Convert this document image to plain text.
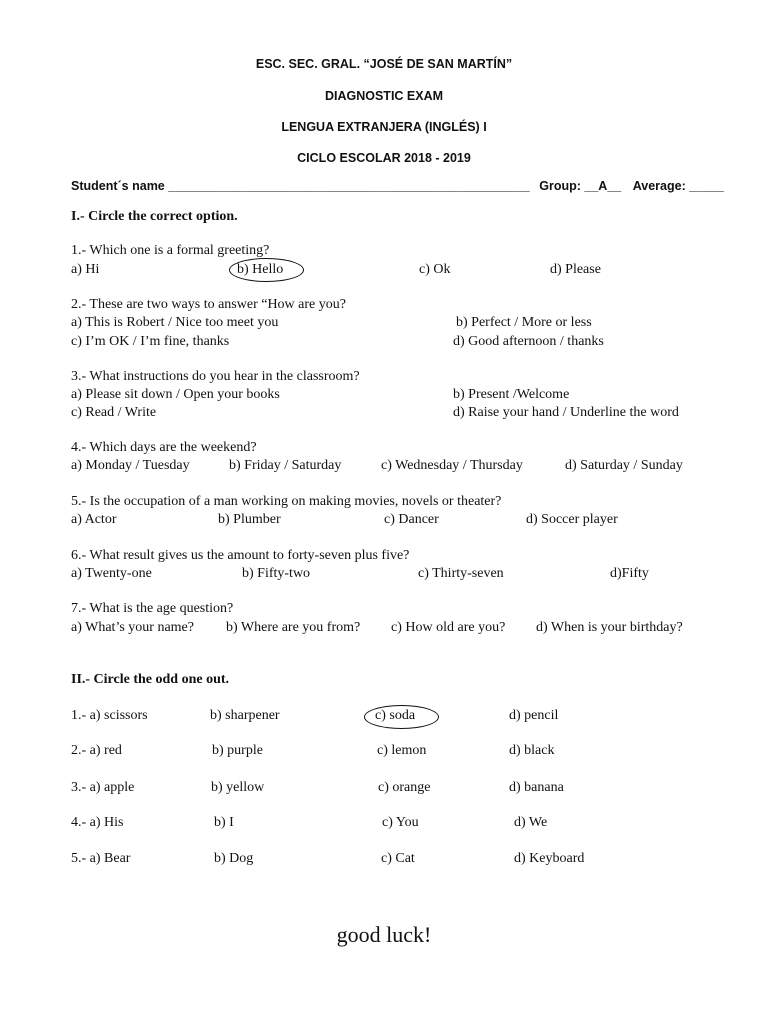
ESC. SEC. GRAL. “JOSÉ DE SAN MARTÍN”
DIAGNOSTIC EXAM
LENGUA EXTRANJERA (INGLÉS) I
CICLO ESCOLAR 2018 - 2019
Student´s name ____________________________________________________ Group: __A__ Average: _____
I.- Circle the correct option.
1.- Which one is a formal greeting?
a) Hi	b) Hello	c) Ok	d) Please
2.- These are two ways to answer “How are you?
a) This is Robert / Nice too meet you	b) Perfect / More or less
c) I’m OK / I’m fine, thanks	d) Good afternoon / thanks
3.- What instructions do you hear in the classroom?
a) Please sit down / Open your books	b) Present /Welcome
c) Read / Write	d) Raise your hand / Underline the word
4.- Which days are the weekend?
a) Monday / Tuesday	b) Friday / Saturday	c) Wednesday / Thursday	d) Saturday / Sunday
5.- Is the occupation of a man working on making movies, novels or theater?
a) Actor	b) Plumber	c) Dancer	d) Soccer player
6.- What result gives us the amount to forty-seven plus five?
a) Twenty-one	b) Fifty-two	c) Thirty-seven	d)Fifty
7.- What is the age question?
a) What’s your name? b) Where are you from? c) How old are you? d) When is your birthday?
II.- Circle the odd one out.
1.- a) scissors	b) sharpener	c) soda	d) pencil
2.- a) red	b) purple	c) lemon	d) black
3.- a) apple	b) yellow	c) orange	d) banana
4.- a) His	b) I	c) You	d) We
5.- a) Bear	b) Dog	c) Cat	d) Keyboard
good luck!
